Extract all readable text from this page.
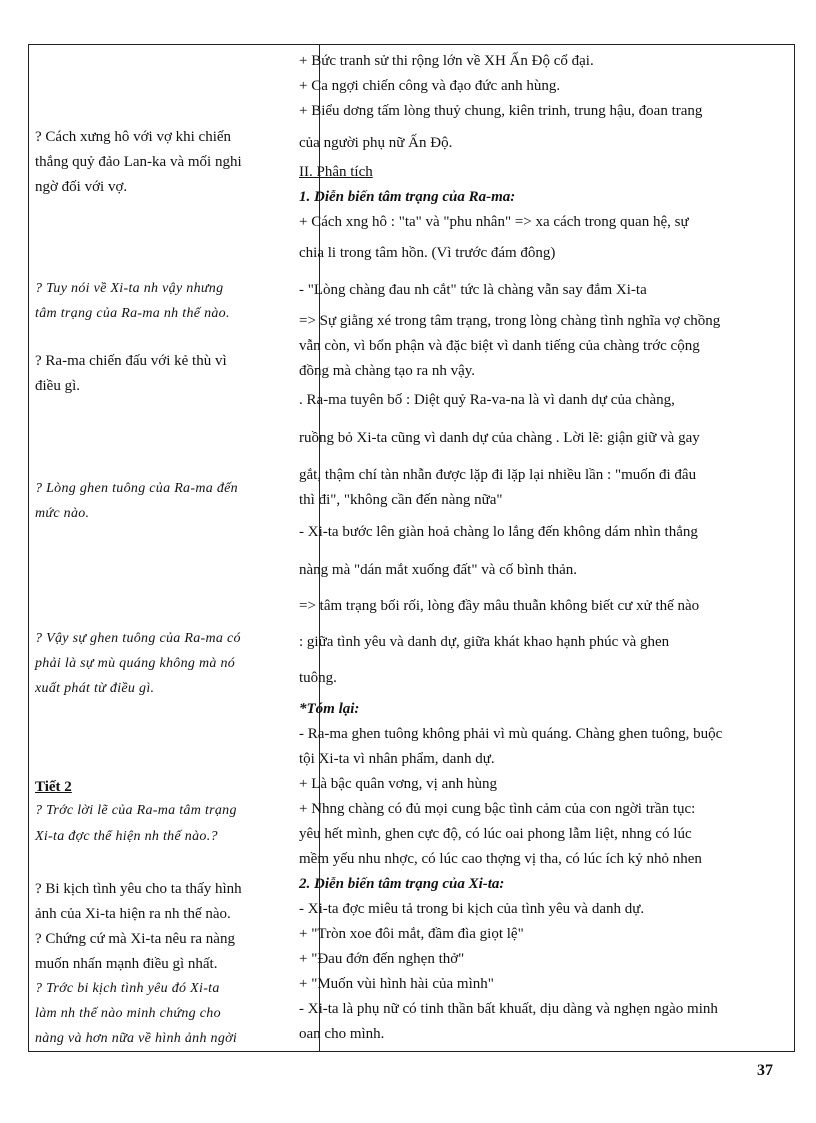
? Cách xưng hô với vợ khi chiến
thắng quỷ đảo Lan-ka và mối nghi
ngờ đối với vợ.
? Tuy nói về Xi-ta nh vậy nhưng
tâm trạng của Ra-ma nh thế nào.
? Ra-ma chiến đấu với kẻ thù vì
điều gì.
? Lòng ghen tuông của Ra-ma đến
mức nào.
? Vậy sự ghen tuông của Ra-ma có
phải là sự mù quáng không mà nó
xuất phát từ điều gì.
Tiết 2
? Trớc lời lẽ của Ra-ma tâm trạng
Xi-ta đợc thể hiện nh thế nào.?
? Bi kịch tình yêu cho ta thấy hình
ảnh của Xi-ta hiện ra nh thế nào.
? Chứng cứ mà Xi-ta nêu ra nàng
muốn nhấn mạnh điều gì nhất.
? Trớc bi kịch tình yêu đó Xi-ta
làm nh thế nào minh chứng cho
nàng và hơn nữa về hình ảnh ngời
+ Bức tranh sử thi rộng lớn về XH Ấn Độ cổ đại.
+ Ca ngợi chiến công và đạo đức anh hùng.
+ Biểu dơng tấm lòng thuỷ chung, kiên trinh, trung hậu, đoan trang
của người phụ nữ Ấn Độ.
II. Phân tích
1. Diễn biến tâm trạng của Ra-ma:
+ Cách xng hô : "ta" và "phu nhân" => xa cách trong quan hệ, sự
chia li trong tâm hồn. (Vì trước đám đông)
- "Lòng chàng đau nh cắt" tức là chàng vẫn say đắm Xi-ta
=> Sự giằng xé trong tâm trạng, trong lòng chàng tình nghĩa vợ chồng
vẫn còn, vì bổn phận và đặc biệt vì danh tiếng của chàng trớc cộng
đồng mà chàng tạo ra nh vậy.
. Ra-ma tuyên bố : Diệt quỷ Ra-va-na là vì danh dự của chàng,
ruồng bỏ Xi-ta cũng vì danh dự của chàng . Lời lẽ: giận giữ và gay
gắt, thậm chí tàn nhẫn được lặp đi lặp lại nhiều lần : "muốn đi đâu
thì đi", "không cần đến nàng nữa"
- Xi-ta bước lên giàn hoả chàng lo lắng đến không dám nhìn thẳng
nàng mà "dán mắt xuống đất" và cố bình thản.
=> tâm trạng bối rối, lòng đầy mâu thuẫn không biết cư xử thế nào
: giữa tình yêu và danh dự, giữa khát khao hạnh phúc và ghen
tuông.
*Tóm lại:
- Ra-ma ghen tuông không phải vì mù quáng. Chàng ghen tuông, buộc
tội Xi-ta vì nhân phẩm, danh dự.
+ Là bậc quân vơng, vị anh hùng
+ Nhng chàng có đủ mọi cung bậc tình cảm của con ngời trần tục:
yêu hết mình, ghen cực độ, có lúc oai phong lẫm liệt, nhng có lúc
mềm yếu nhu nhợc, có lúc cao thợng vị tha, có lúc ích kỷ nhỏ nhen
2. Diễn biến tâm trạng của Xi-ta:
- Xi-ta đợc miêu tả trong bi kịch của tình yêu và danh dự.
+ "Tròn xoe đôi mắt, đầm đìa giọt lệ"
+ "Đau đớn đến nghẹn thở"
+ "Muốn vùi hình hài của mình"
- Xi-ta là phụ nữ có tinh thần bất khuất, dịu dàng và nghẹn ngào minh
oan cho mình.
37
